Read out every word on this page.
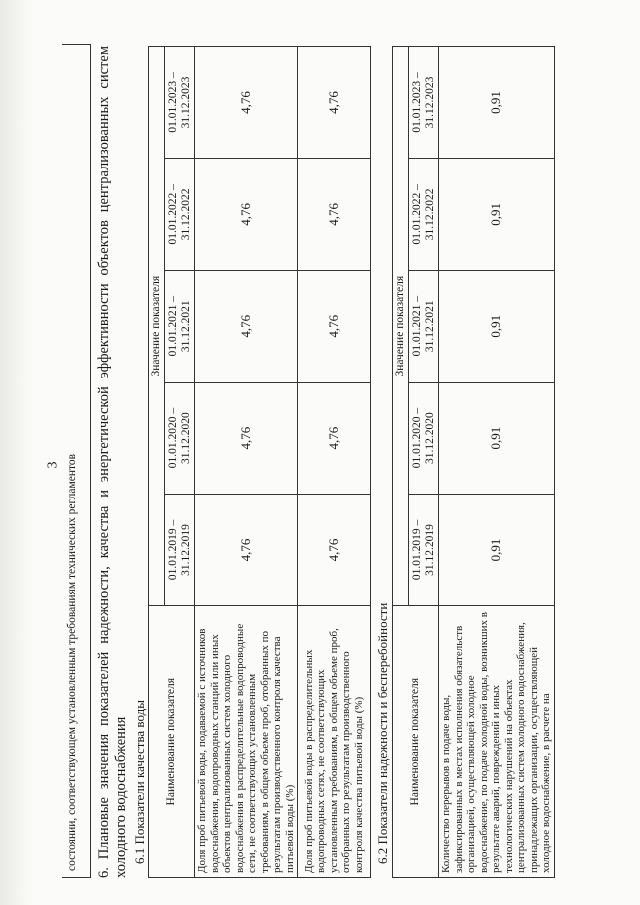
3 состоянии, соответствующем установленным требованиям технических регламентов 6. Плановые значения показателей надежности, качества и энергетической эффективности объектов централизованных систем холодного водоснабжения 6.1 Показатели качества воды Наименование показателя	Значение показателя				
	01.01.2019 – 31.12.2019	01.01.2020 – 31.12.2020	01.01.2021 – 31.12.2021	01.01.2022 – 31.12.2022	01.01.2023 – 31.12.2023
Доля проб питьевой воды, подаваемой с источников водоснабжения, водопроводных станций или иных объектов централизованных систем холодного водоснабжения в распределительные водопроводные сети, не соответствующих установленным требованиям, в общем объеме проб, отобранных по результатам производственного контроля качества питьевой воды (%)	4,76	4,76	4,76	4,76	4,76
Доля проб питьевой воды в распределительных водопроводных сетях, не соответствующих установленным требованиям, в общем объеме проб, отобранных по результатам производственного контроля качества питьевой воды (%)	4,76	4,76	4,76	4,76	4,76
6.2 Показатели надежности и бесперебойности Наименование показателя	Значение показателя				
	01.01.2019 – 31.12.2019	01.01.2020 – 31.12.2020	01.01.2021 – 31.12.2021	01.01.2022 – 31.12.2022	01.01.2023 – 31.12.2023
Количество перерывов в подаче воды, зафиксированных в местах исполнения обязательств организацией, осуществляющей холодное водоснабжение, по подаче холодной воды, возникших в результате аварий, повреждений и иных технологических нарушений на объектах централизованных систем холодного водоснабжения, принадлежащих организации, осуществляющей холодное водоснабжение, в расчете на	0,91	0,91	0,91	0,91	0,91
